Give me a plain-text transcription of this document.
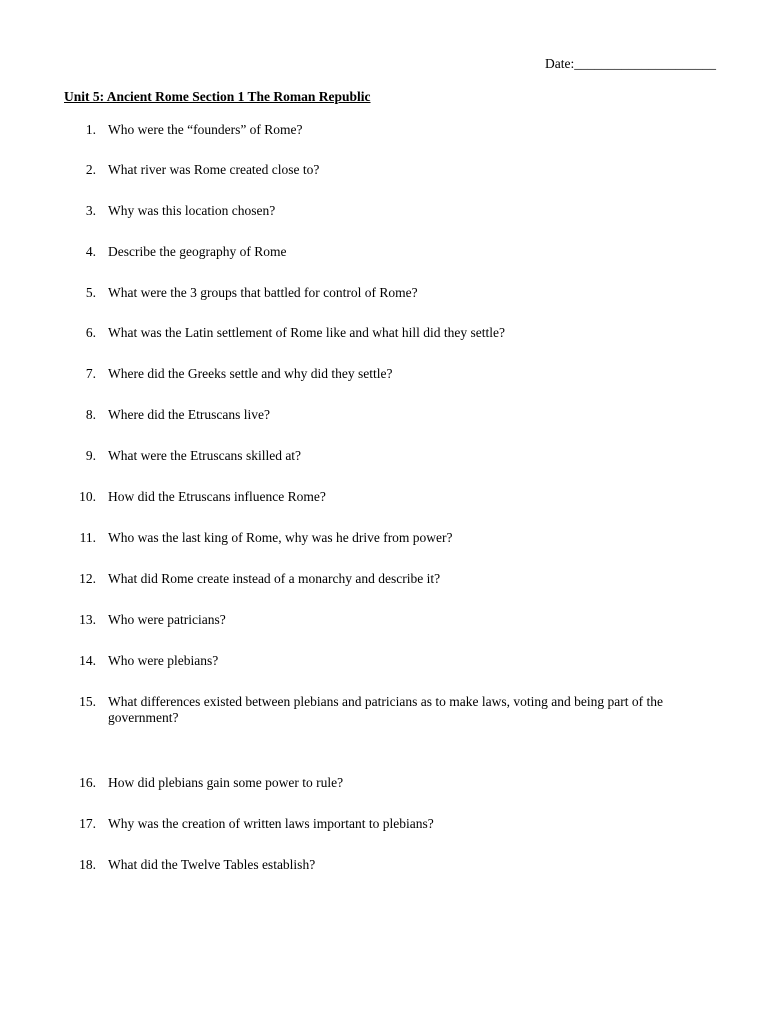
Date:_____________________
Unit 5: Ancient Rome Section 1 The Roman Republic
1. Who were the “founders” of Rome?
2. What river was Rome created close to?
3. Why was this location chosen?
4. Describe the geography of Rome
5. What were the 3 groups that battled for control of Rome?
6. What was the Latin settlement of Rome like and what hill did they settle?
7. Where did the Greeks settle and why did they settle?
8. Where did the Etruscans live?
9. What were the Etruscans skilled at?
10. How did the Etruscans influence Rome?
11. Who was the last king of Rome, why was he drive from power?
12. What did Rome create instead of a monarchy and describe it?
13. Who were patricians?
14. Who were plebians?
15. What differences existed between plebians and patricians as to make laws, voting and being part of the government?
16. How did plebians gain some power to rule?
17. Why was the creation of written laws important to plebians?
18. What did the Twelve Tables establish?
